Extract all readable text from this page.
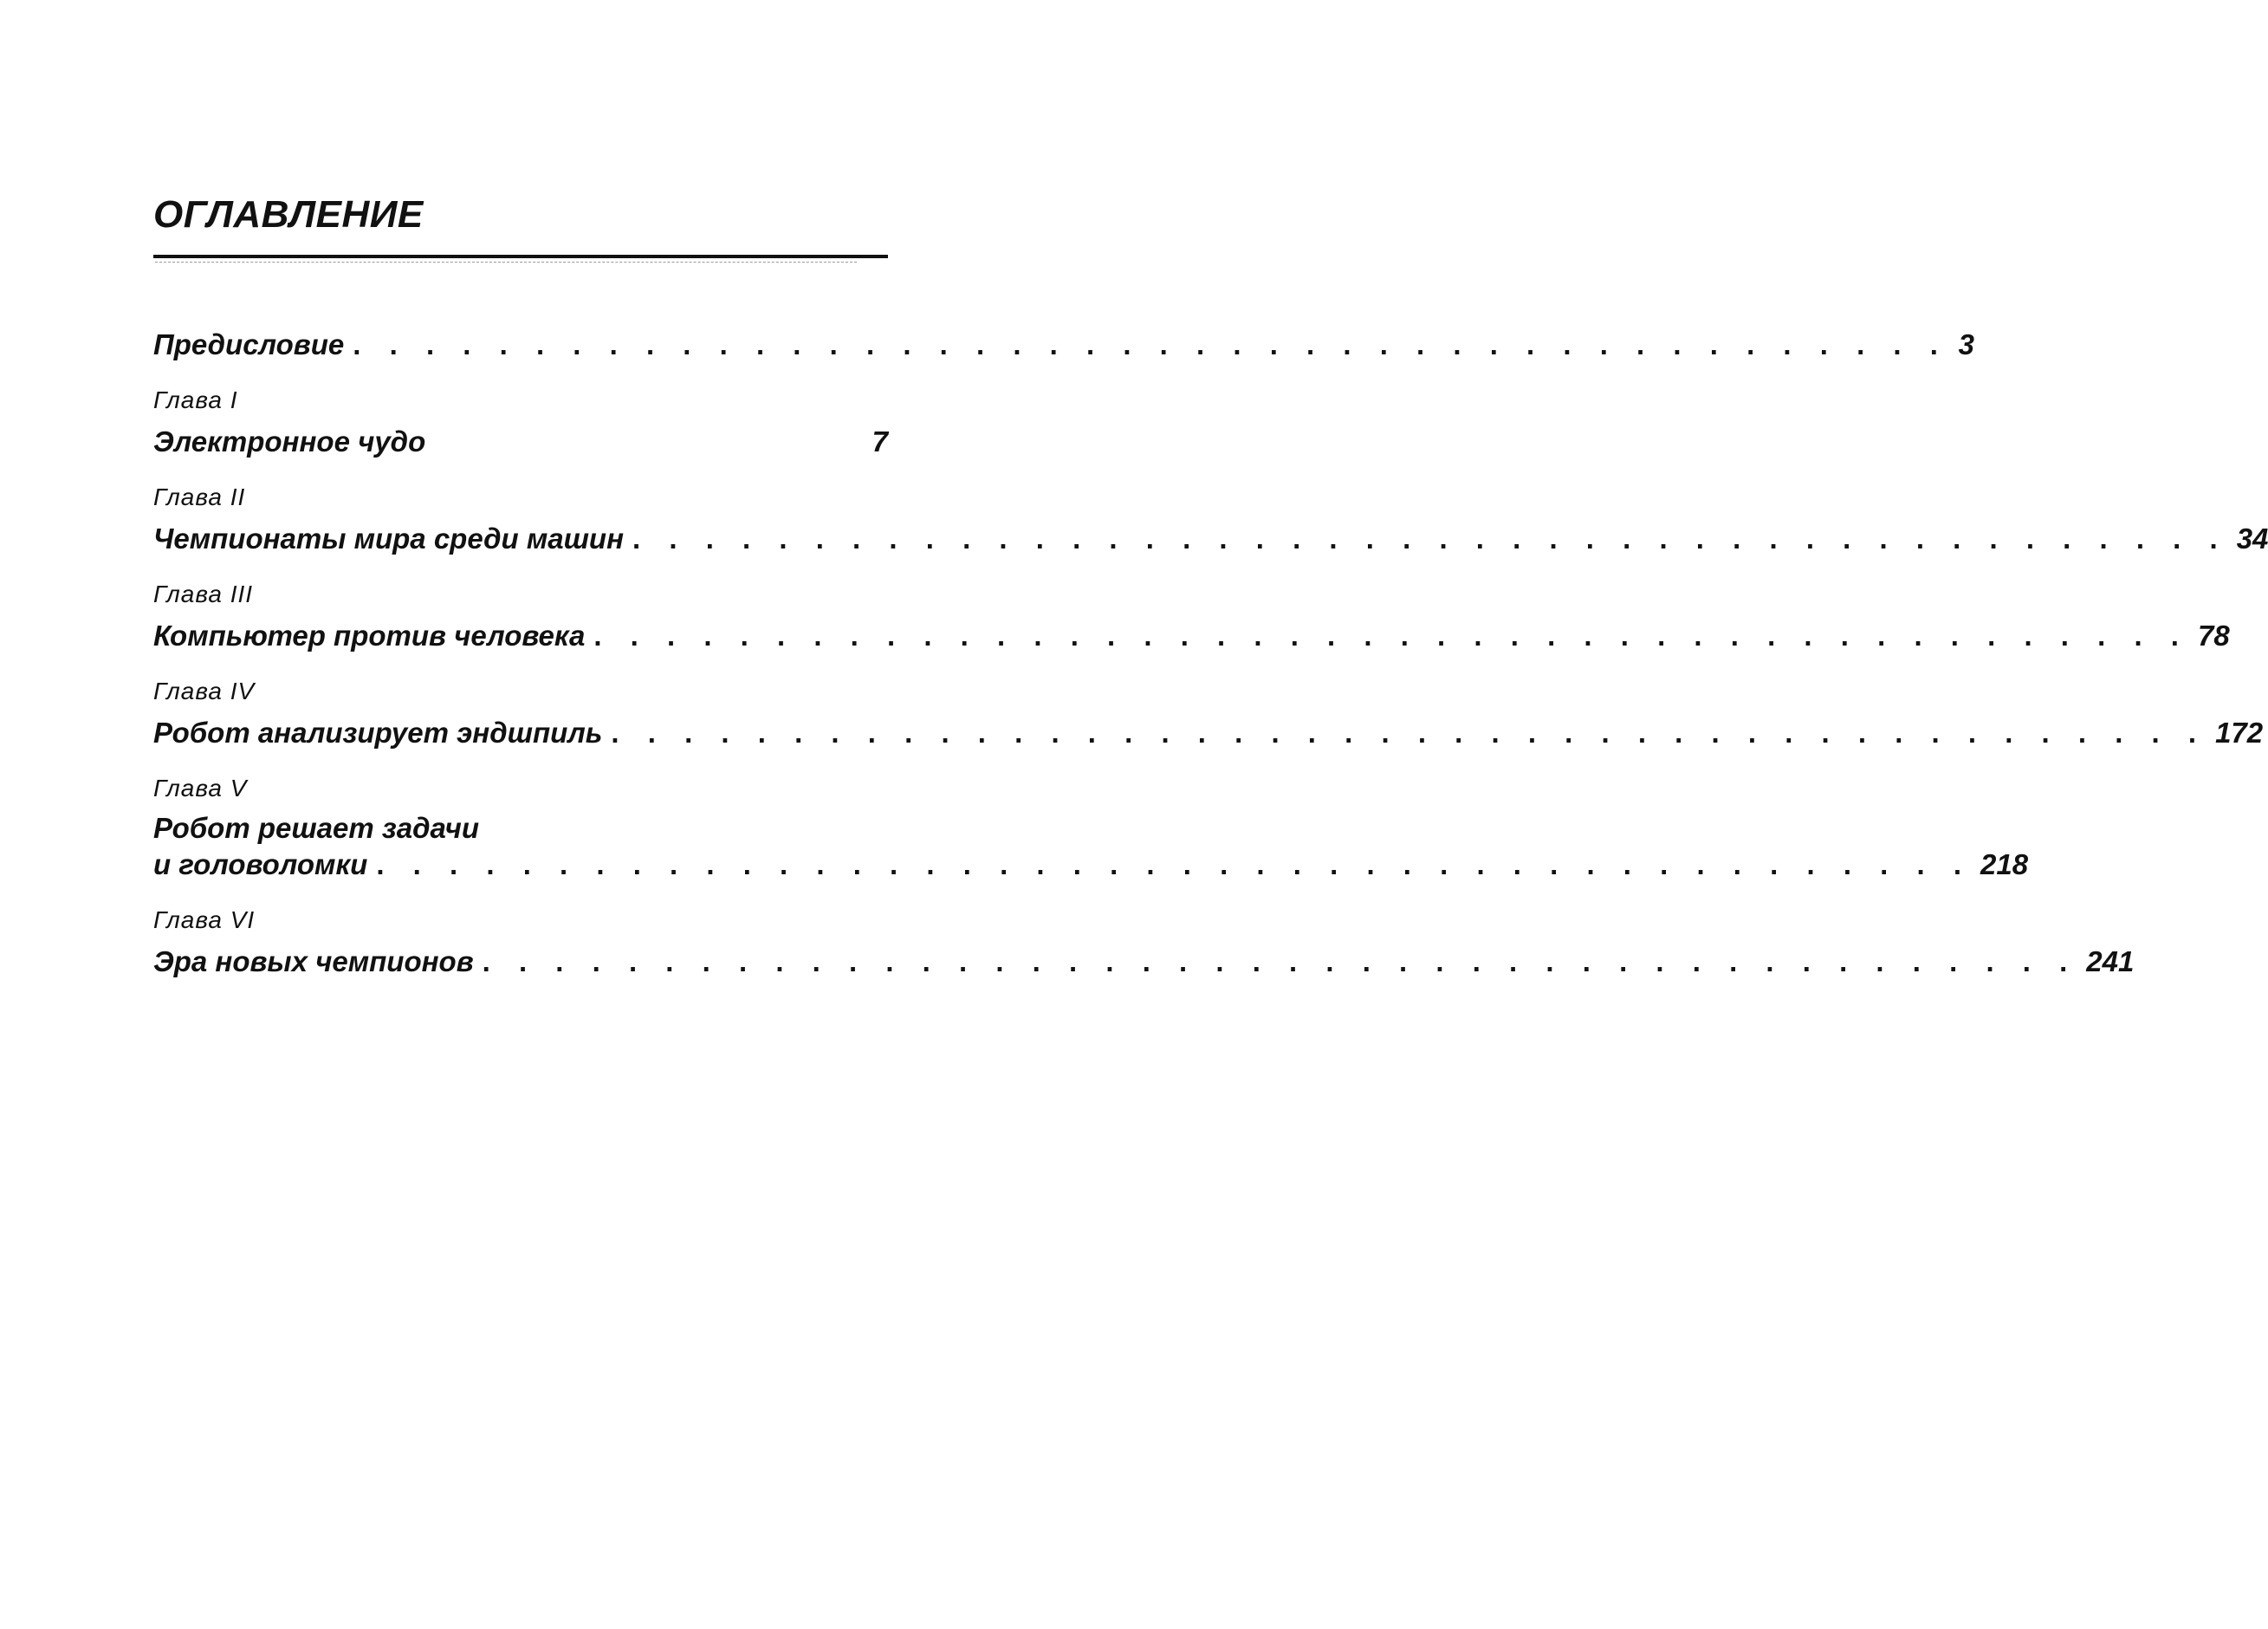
ОГЛАВЛЕНИЕ
Предисловие . . . . . . . . . . . . . . . . . . . . . . . . . . . . . . . . . . . . . . . . . . . . 3
Глава I
Электронное чудо	7
Глава II
Чемпионаты мира среди машин . . . . . . . . . . . . . . . . . . . . . . . . . . . . . . . . . . . . . . . . . . . . 34
Глава III
Компьютер против человека . . . . . . . . . . . . . . . . . . . . . . . . . . . . . . . . . . . . . . . . . . . . 78
Глава IV
Робот анализирует эндшпиль . . . . . . . . . . . . . . . . . . . . . . . . . . . . . . . . . . . . . . . . . . . . 172
Глава V
Робот решает задачи
и головоломки . . . . . . . . . . . . . . . . . . . . . . . . . . . . . . . . . . . . . . . . . . . . 218
Глава VI
Эра новых чемпионов . . . . . . . . . . . . . . . . . . . . . . . . . . . . . . . . . . . . . . . . . . . . 241
